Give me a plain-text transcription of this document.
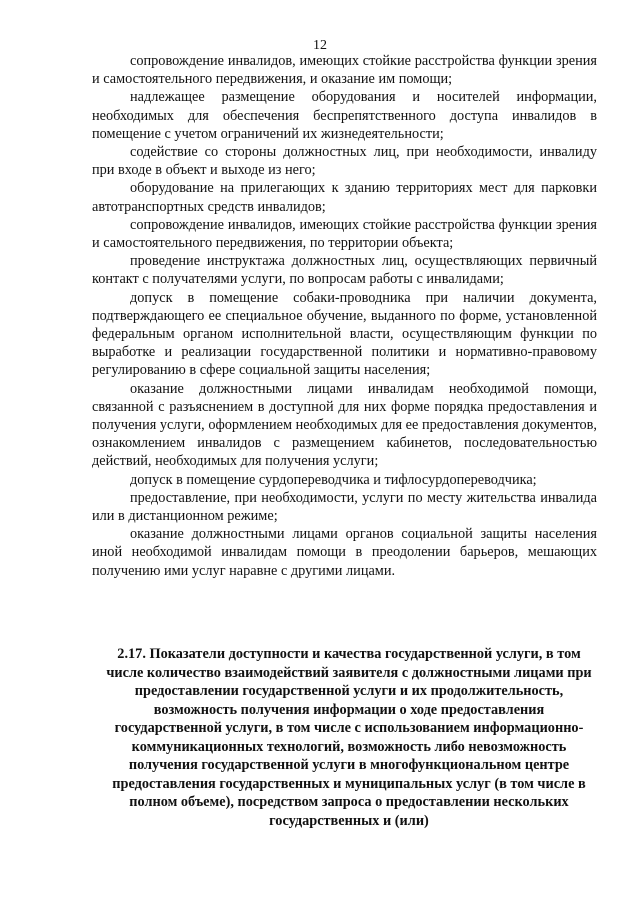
12

сопровождение инвалидов, имеющих стойкие расстройства функции зрения и самостоятельного передвижения, и оказание им помощи;

надлежащее размещение оборудования и носителей информации, необходимых для обеспечения беспрепятственного доступа инвалидов в помещение с учетом ограничений их жизнедеятельности;

содействие со стороны должностных лиц, при необходимости, инвалиду при входе в объект и выходе из него;

оборудование на прилегающих к зданию территориях мест для парковки автотранспортных средств инвалидов;

сопровождение инвалидов, имеющих стойкие расстройства функции зрения и самостоятельного передвижения, по территории объекта;

проведение инструктажа должностных лиц, осуществляющих первичный контакт с получателями услуги, по вопросам работы с инвалидами;

допуск в помещение собаки-проводника при наличии документа, подтверждающего ее специальное обучение, выданного по форме, установленной федеральным органом исполнительной власти, осуществляющим функции по выработке и реализации государственной политики и нормативно-правовому регулированию в сфере социальной защиты населения;

оказание должностными лицами инвалидам необходимой помощи, связанной с разъяснением в доступной для них форме порядка предоставления и получения услуги, оформлением необходимых для ее предоставления документов, ознакомлением инвалидов с размещением кабинетов, последовательностью действий, необходимых для получения услуги;

допуск в помещение сурдопереводчика и тифлосурдопереводчика;

предоставление, при необходимости, услуги по месту жительства инвалида или в дистанционном режиме;

оказание должностными лицами органов социальной защиты населения иной необходимой инвалидам помощи в преодолении барьеров, мешающих получению ими услуг наравне с другими лицами.

2.17. Показатели доступности и качества государственной услуги, в том числе количество взаимодействий заявителя с должностными лицами при предоставлении государственной услуги и их продолжительность, возможность получения информации о ходе предоставления государственной услуги, в том числе с использованием информационно-коммуникационных технологий, возможность либо невозможность получения государственной услуги в многофункциональном центре предоставления государственных и муниципальных услуг (в том числе в полном объеме), посредством запроса о предоставлении нескольких государственных и (или)
